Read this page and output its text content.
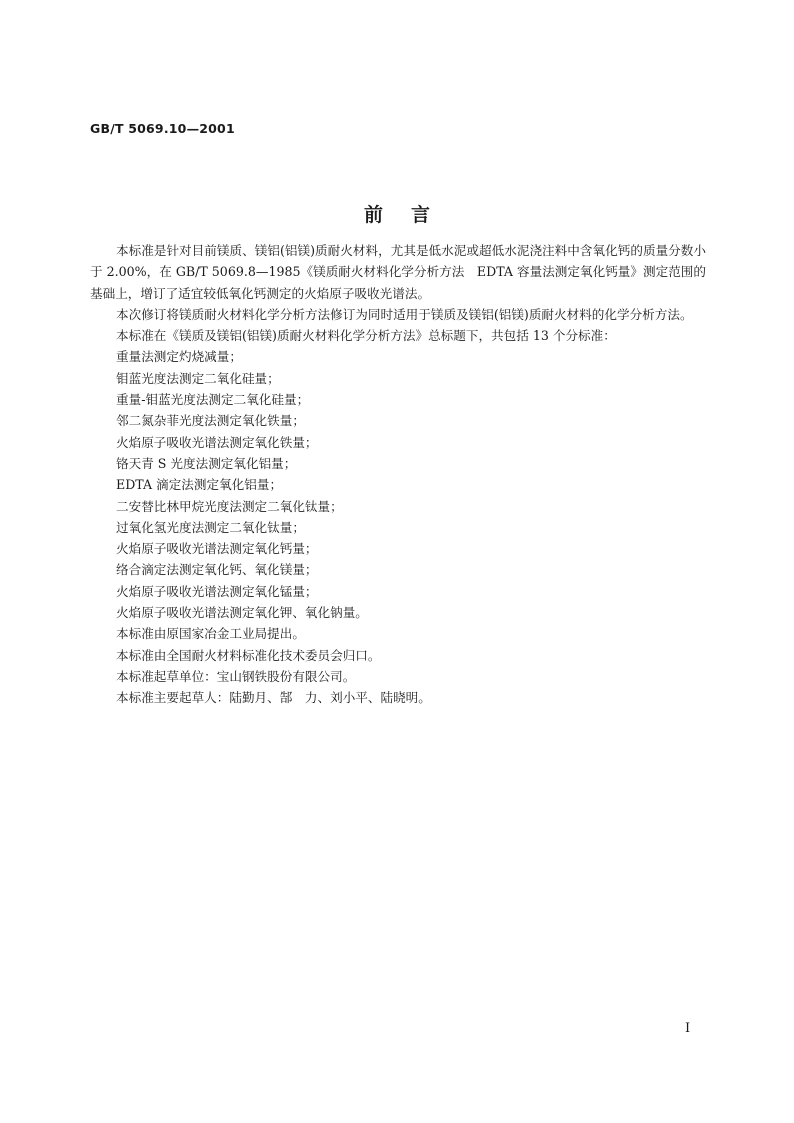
GB/T 5069.10—2001
前言

本标准是针对目前镁质、镁铝(铝镁)质耐火材料，尤其是低水泥或超低水泥浇注料中含氧化钙的质量分数小于 2.00%，在 GB/T 5069.8—1985《镁质耐火材料化学分析方法　EDTA 容量法测定氧化钙量》测定范围的基础上，增订了适宜较低氧化钙测定的火焰原子吸收光谱法。

本次修订将镁质耐火材料化学分析方法修订为同时适用于镁质及镁铝(铝镁)质耐火材料的化学分析方法。

本标准在《镁质及镁铝(铝镁)质耐火材料化学分析方法》总标题下，共包括 13 个分标准：

重量法测定灼烧减量；

钼蓝光度法测定二氧化硅量；

重量-钼蓝光度法测定二氧化硅量；

邻二氮杂菲光度法测定氧化铁量；

火焰原子吸收光谱法测定氧化铁量；

铬天青 S 光度法测定氧化铝量；

EDTA 滴定法测定氧化铝量；

二安替比林甲烷光度法测定二氧化钛量；

过氧化氢光度法测定二氧化钛量；

火焰原子吸收光谱法测定氧化钙量；

络合滴定法测定氧化钙、氧化镁量；

火焰原子吸收光谱法测定氧化锰量；

火焰原子吸收光谱法测定氧化钾、氧化钠量。

本标准由原国家冶金工业局提出。

本标准由全国耐火材料标准化技术委员会归口。

本标准起草单位：宝山钢铁股份有限公司。

本标准主要起草人：陆勤月、郜　力、刘小平、陆晓明。

Ⅰ
